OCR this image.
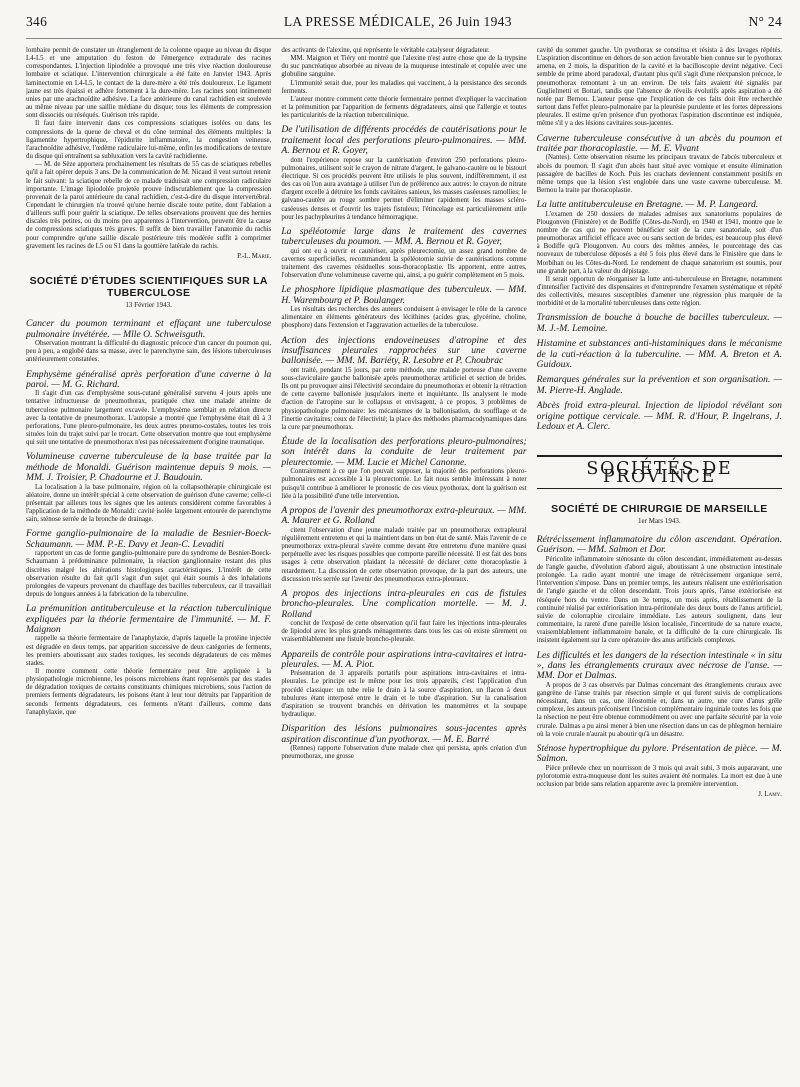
346	LA PRESSE MÉDICALE, 26 Juin 1943	N° 24

lombaire permit de constater un étranglement de la colonne opaque au niveau du disque L4-L5 et une amputation du feston de l'émergence extradurale des racines correspondantes. L'injection lipiodolée a provoqué une très vive réaction douloureuse lombaire et sciatique. L'intervention chirurgicale a été faite en Janvier 1943. Après laminectomie en L4-L5, le contact de la dure-mère a été très douloureux. Le ligament jaune est très épaissi et adhère fortement à la dure-mère. Les racines sont intimement unies par une arachnoïdite adhésive. La face antérieure du canal rachidien est soulevée au même niveau par une saillie médiane du disque; tous les éléments de compression sont dissociés ou réséqués. Guérison très rapide.

Il faut faire intervenir dans ces compressions sciatiques isolées ou dans les compressions de la queue de cheval et du cône terminal des éléments multiples: la ligamentite hypertrophique, l'épidurite inflammatoire, la congestion veineuse, l'arachnoïdite adhésive, l'œdème radiculaire lui-même, enfin les modifications de texture du disque qui entraînent sa subluxation vers la cavité rachidienne.

— M. de Sèze apportera prochainement les résultats de 55 cas de sciatiques rebelles qu'il a fait opérer depuis 3 ans. De la communication de M. Nicaud il veut surtout retenir le fait suivant: la sciatique rebelle de ce malade traduisait une compression radiculaire importante. L'image lipiodolée projetée prouve indiscutablement que la compression provenait de la paroi antérieure du canal rachidien, c'est-à-dire du disque intervertébral. Cependant le chirurgien n'a trouvé qu'une hernie discale toute petite, dont l'ablation a d'ailleurs suffi pour guérir la sciatique. De telles observations prouvent que des hernies discales très petites, ou du moins peu apparentes à l'intervention, peuvent être la cause de compressions sciatiques très graves. Il suffit de bien travailler l'anatomie du rachis pour comprendre qu'une saillie discale postérieure très modérée suffit à comprimer gravement les racines de L5 ou S1 dans la gouttière latérale du rachis.

P.-L. Marie.

SOCIÉTÉ D'ÉTUDES SCIENTIFIQUES SUR LA TUBERCULOSE
13 Février 1943.

Cancer du poumon terminant et effaçant une tuberculose pulmonaire invétérée. — Mlle O. Schweisguth.

Observation montrant la difficulté du diagnostic précoce d'un cancer du poumon qui, peu à peu, a englobé dans sa masse, avec le parenchyme sain, des lésions tuberculeuses antérieurement constatées.

Emphysème généralisé après perforation d'une caverne à la paroi. — M. G. Richard.

Il s'agit d'un cas d'emphysème sous-cutané généralisé survenu 4 jours après une tentative infructueuse de pneumothorax, pratiquée chez une malade atteinte de tuberculose pulmonaire largement excavée. L'emphysème semblait en relation directe avec la tentative de pneumothorax. L'autopsie a montré que l'emphysème était dû à 3 perforations, l'une pleuro-pulmonaire, les deux autres pneumo-costales, toutes les trois situées loin du trajet suivi par le trocart. Cette observation montre que tout emphysème qui suit une tentative de pneumothorax n'est pas nécessairement d'origine traumatique.

Volumineuse caverne tuberculeuse de la base traitée par la méthode de Monaldi. Guérison maintenue depuis 9 mois. — MM. J. Troisier, P. Chadourne et J. Baudouin.

La localisation à la base pulmonaire, région où la collapsothérapie chirurgicale est aléatoire, donne un intérêt spécial à cette observation de guérison d'une caverne; celle-ci présentait par ailleurs tous les signes que les auteurs considèrent comme favorables à l'application de la méthode de Monaldi: cavité isolée largement entourée de parenchyme sain, sténose serrée de la bronche de drainage.

Forme ganglio-pulmonaire de la maladie de Besnier-Boeck-Schaumann. — MM. P.-E. Davy et Jean-C. Levaditi

rapportent un cas de forme ganglio-pulmonaire pure du syndrome de Besnier-Boeck-Schaumann à prédominance pulmonaire, la réaction ganglionnaire restant des plus discrètes malgré les altérations histologiques caractéristiques. L'intérêt de cette observation résulte du fait qu'il s'agit d'un sujet qui était soumis à des inhalations prolongées de vapeurs provenant du chauffage des bacilles tuberculeux, car il travaillait depuis de longues années à la fabrication de la tuberculine.

La prémunition antituberculeuse et la réaction tuberculinique expliquées par la théorie fermentaire de l'immunité. — M. F. Maignon

rappelle sa théorie fermentaire de l'anaphylaxie, d'après laquelle la protéine injectée est dégradée en deux temps, par apparition successive de deux catégories de ferments, les premiers aboutissant aux stades toxiques, les seconds dégradateurs de ces mêmes stades.

Il montre comment cette théorie fermentaire peut être appliquée à la physiopathologie microbienne, les poisons microbiens étant représentés par des stades de dégradation toxiques de certains constituants chimiques microbiens, sous l'action de premiers ferments dégradateurs, les poisons étant à leur tour détruits par l'apparition de seconds ferments dégradateurs, ces ferments n'étant d'ailleurs, comme dans l'anaphylaxie, que

des activants de l'alexine, qui représente le véritable catalyseur dégradateur.

MM. Maignon et Tiéry ont montré que l'alexine n'est autre chose que de la trypsine du suc pancréatique absorbée au niveau de la muqueuse intestinale et copulée avec une globuline sanguine.

L'immunité serait due, pour les maladies qui vaccinent, à la persistance des seconds ferments.

L'auteur montre comment cette théorie fermentaire permet d'expliquer la vaccination et la prémunition par l'apparition de ferments dégradateurs, ainsi que l'allergie et toutes les particularités de la réaction tuberculinique.

De l'utilisation de différents procédés de cautérisations pour le traitement local des perforations pleuro-pulmonaires. — MM. A. Bernou et R. Goyer,

dont l'expérience repose sur la cautérisation d'environ 250 perforations pleuro-pulmonaires, utilisent soit le crayon de nitrate d'argent, le galvano-cautère ou le bistouri électrique. Si ces procédés peuvent être utilisés le plus souvent, indifféremment, il est des cas où l'on aura avantage à utiliser l'un de préférence aux autres: le crayon de nitrate d'argent excelle à détruire les fonds cavitaires sanieux, les masses caséeuses ramollies; le galvano-cautère au rouge sombre permet d'éliminer rapidement les masses scléro-caséeuses denses et d'ouvrir les trajets fistuleux; l'étincelage est particulièrement utile pour les pachypleurites à tendance hémorragique.

La spéléotomie large dans le traitement des cavernes tuberculeuses du poumon. — MM. A. Bernou et R. Goyer,

qui ont eu à ouvrir et cautériser, après pleurectomie, un assez grand nombre de cavernes superficielles, recommandent la spéléotomie suivie de cautérisations comme traitement des cavernes résiduelles sous-thoracoplastie. Ils apportent, entre autres, l'observation d'une volumineuse caverne qui, ainsi, a pu guérir complètement en 5 mois.

Le phosphore lipidique plasmatique des tuberculeux. — MM. H. Warembourg et P. Boulanger.

Les résultats des recherches des auteurs conduisent à envisager le rôle de la carence alimentaire en éléments générateurs des lécithines (acides gras, glycérine, choline, phosphore) dans l'extension et l'aggravation actuelles de la tuberculose.

Action des injections endoveineuses d'atropine et des insuffisances pleurales rapprochées sur une caverne ballonisée. — MM. M. Bariéty, R. Lesobre et P. Choubrac

ont traité, pendant 15 jours, par cette méthode, une malade porteuse d'une caverne sous-claviculaire gauche ballonisée après pneumothorax artificiel et section de brides. Ils ont pu provoquer ainsi l'électivité secondaire du pneumothorax et obtenir la rétraction de cette caverne ballonisée jusqu'alors inerte et inquiétante. Ils analysent le mode d'action de l'atropine sur le collapsus et envisagent, à ce propos, 3 problèmes de physiopathologie pulmonaire: les mécanismes de la ballonisation, du soufflage et de l'inertie cavitaires; ceux de l'électivité; la place des méthodes pharmacodynamiques dans la cure par pneumothorax.

Étude de la localisation des perforations pleuro-pulmonaires; son intérêt dans la conduite de leur traitement par pleurectomie. — MM. Lucie et Michel Canonne.

Contrairement à ce que l'on pouvait supposer, la majorité des perforations pleuro-pulmonaires est accessible à la pleurectomie. Le fait nous semble intéressant à noter puisqu'il contribue à améliorer le pronostic de ces vieux pyothorax, dont la guérison est liée à la possibilité d'une telle intervention.

A propos de l'avenir des pneumothorax extra-pleuraux. — MM. A. Maurer et G. Rolland

citent l'observation d'une jeune malade traitée par un pneumothorax extrapleural régulièrement entretenu et qui la maintient dans un bon état de santé. Mais l'avenir de ce pneumothorax extra-pleural s'avère comme devant être entretenu d'une manière quasi perpétuelle avec les risques possibles que comporte pareille nécessité. Il est fait des bons usages à cette observation plaidant la nécessité de déclarer cette thoracoplastie à retardement. La discussion de cette observation provoque, de la part des auteurs, une discussion très serrée sur l'avenir des pneumothorax extra-pleuraux.

A propos des injections intra-pleurales en cas de fistules broncho-pleurales. Une complication mortelle. — M. J. Rolland

conclut de l'exposé de cette observation qu'il faut faire les injections intra-pleurales de lipiodol avec les plus grands ménagements dans tous les cas où existe sûrement ou vraisemblablement une fistule broncho-pleurale.

Appareils de contrôle pour aspirations intra-cavitaires et intra-pleurales. — M. A. Piot.

Présentation de 3 appareils portatifs pour aspirations intra-cavitaires et intra-pleurales. Le principe est le même pour les trois appareils, c'est l'application d'un procédé classique: un tube relie le drain à la source d'aspiration, un flacon à deux tubulures étant interposé entre le drain et le tube d'aspiration. Sur la canalisation d'aspiration se trouvent branchés en dérivation les manomètres et la soupape hydraulique.

Disparition des lésions pulmonaires sous-jacentes après aspiration discontinue d'un pyothorax. — M. E. Barré

(Rennes) rapporte l'observation d'une malade chez qui persista, après création d'un pneumothorax, une grosse

cavité du sommet gauche. Un pyothorax se constitua et résista à des lavages répétés. L'aspiration discontinue en dehors de son action favorable bien connue sur le pyothorax amena, en 2 mois, la disparition de la cavité et la bacilloscopie devint négative. Ceci semble de prime abord paradoxal, d'autant plus qu'il s'agit d'une réexpansion précoce, le pneumothorax remontant à un an environ. De tels faits avaient été signalés par Guglielmetti et Bottari, tandis que l'absence de réveils évolutifs après aspiration a été notée par Bernou. L'auteur pense que l'explication de ces faits doit être recherchée surtout dans l'effet pleuro-pulmonaire par la pleurésie purulente et les fortes dépressions pleurales. Il estime qu'en présence d'un pyothorax l'aspiration discontinue est indiquée, même s'il y a des lésions cavitaires sous-jacentes.

Caverne tuberculeuse consécutive à un abcès du poumon et traitée par thoracoplastie. — M. E. Vivant

(Nantes). Cette observation résume les principaux travaux de l'abcès tuberculeux et abcès du poumon. Il s'agit d'un abcès haut situé avec vomique et ensuite élimination passagère de bacilles de Koch. Puis les crachats deviennent constamment positifs en même temps que la lésion s'est englobée dans une vaste caverne tuberculeuse. M. Bernou la traite par thoracoplastie.

La lutte antituberculeuse en Bretagne. — M. P. Langeard.

L'examen de 250 dossiers de malades admises aux sanatoriums populaires de Plougonven (Finistère) et de Bodiffe (Côtes-du-Nord), en 1940 et 1941, montre que le nombre de cas qui ne peuvent bénéficier soit de la cure sanatoriale, soit d'un pneumothorax artificiel efficace avec ou sans section de brides, est beaucoup plus élevé à Bodiffe qu'à Plougonven. Au cours des mêmes années, le pourcentage des cas nouveaux de tuberculose déposés a été 5 fois plus élevé dans le Finistère que dans le Morbihan ou les Côtes-du-Nord. Le rendement de chaque sanatorium est soumis, pour une grande part, à la valeur du dépistage.

Il serait opportun de réorganiser la lutte anti-tuberculeuse en Bretagne, notamment d'intensifier l'activité des dispensaires et d'entreprendre l'examen systématique et répété des collectivités, mesures susceptibles d'amener une régression plus marquée de la morbidité et de la mortalité tuberculeuses dans cette région.

Transmission de bouche à bouche de bacilles tuberculeux. — M. J.-M. Lemoine.

Histamine et substances anti-histaminiques dans le mécanisme de la cuti-réaction à la tuberculine. — MM. A. Breton et A. Guidoux.

Remarques générales sur la prévention et son organisation. — M. Pierre-H. Anglade.

Abcès froid extra-pleural. Injection de lipiodol révélant son origine pottique cervicale. — MM. R. d'Hour, P. Ingelrans, J. Ledoux et A. Clerc.

SOCIÉTÉS DE PROVINCE
SOCIÉTÉ DE CHIRURGIE DE MARSEILLE
1er Mars 1943.

Rétrécissement inflammatoire du côlon ascendant. Opération. Guérison. — MM. Salmon et Dor.

Péricolite inflammatoire sténosante du côlon descendant, immédiatement au-dessus de l'angle gauche, d'évolution d'abord aiguë, aboutissant à une obstruction intestinale prolongée. La radio ayant montré une image de rétrécissement organique serré, l'intervention s'impose. Dans un premier temps, les auteurs réalisent une extériorisation de l'angle gauche et du côlon descendant. Trois jours après, l'anse extériorisée est réséquée hors du ventre. Dans un 3e temps, un mois après, rétablissement de la continuité réalisé par extériorisation intra-péritonéale des deux bouts de l'anus artificiel, suivie de colorraphie circulaire immédiate. Les auteurs soulignent, dans leur commentaire, la rareté d'une pareille lésion localisée, l'incertitude de sa nature exacte, vraisemblablement inflammatoire banale, et la difficulté de la cure chirurgicale. Ils insistent également sur la cure opératoire des anus artificiels complexes.

Les difficultés et les dangers de la résection intestinale « in situ », dans les étranglements cruraux avec nécrose de l'anse. — MM. Dor et Dalmas.

A propos de 3 cas observés par Dalmas concernant des étranglements cruraux avec gangrène de l'anse traités par résection simple et qui furent suivis de complications nécessitant, dans un cas, une iléostomie et, dans un autre, une cure d'anus grêle complexe, les auteurs préconisent l'incision complémentaire inguinale toutes les fois que la résection ne peut être obtenue commodément ou avec une parfaite sécurité par la voie crurale. Dalmas a pu ainsi mener à bien une résection dans un cas de phlegmon herniaire où la voie crurale n'aurait pu aboutir qu'à un désastre.

Sténose hypertrophique du pylore. Présentation de pièce. — M. Salmon.

Pièce prélevée chez un nourrisson de 3 mois qui avait subi, 3 mois auparavant, une pylorotomie extra-muqueuse dont les suites avaient été normales. La mort est due à une occlusion par bride sans relation apparente avec la première intervention.

J. Lamy.
